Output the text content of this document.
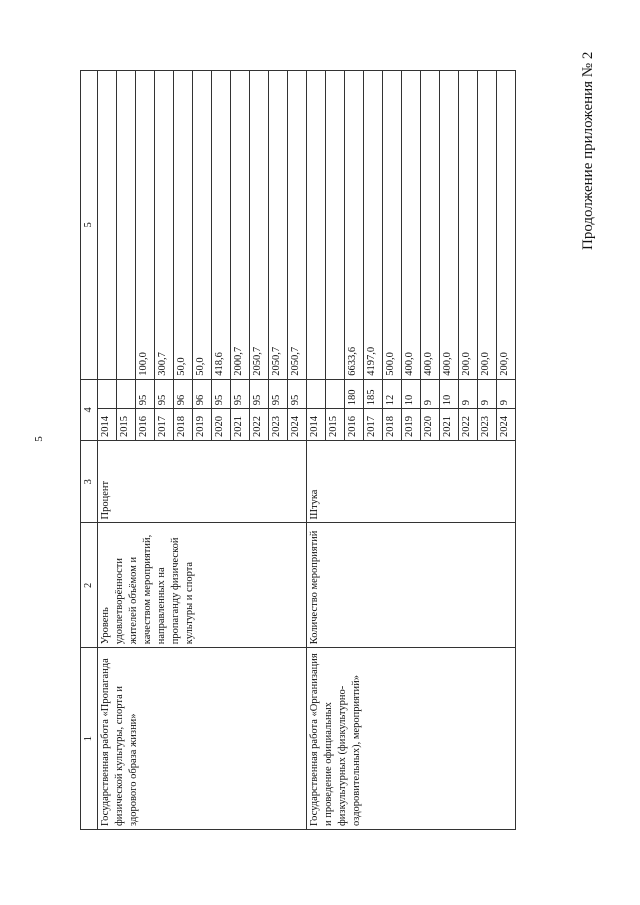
5
Продолжение приложения № 2
1	2	3	4		5
Государственная работа «Пропаганда физической культуры, спорта и здорового образа жизни»	Уровень удовлетворённости жителей объёмом и качеством мероприятий, направленных на пропаганду физической культуры и спорта	Процент	2014		
			2015		
			2016	95	100,0
			2017	95	300,7
			2018	96	50,0
			2019	96	50,0
			2020	95	418,6
			2021	95	2000,7
			2022	95	2050,7
			2023	95	2050,7
			2024	95	2050,7
Государственная работа «Организация и проведение официальных физкультурных (физкультурно-оздоровительных), мероприятий»	Количество мероприятий	Штука	2014		
			2015		
			2016	180	6633,6
			2017	185	4197,0
			2018	12	500,0
			2019	10	400,0
			2020	9	400,0
			2021	10	400,0
			2022	9	200,0
			2023	9	200,0
			2024	9	200,0
